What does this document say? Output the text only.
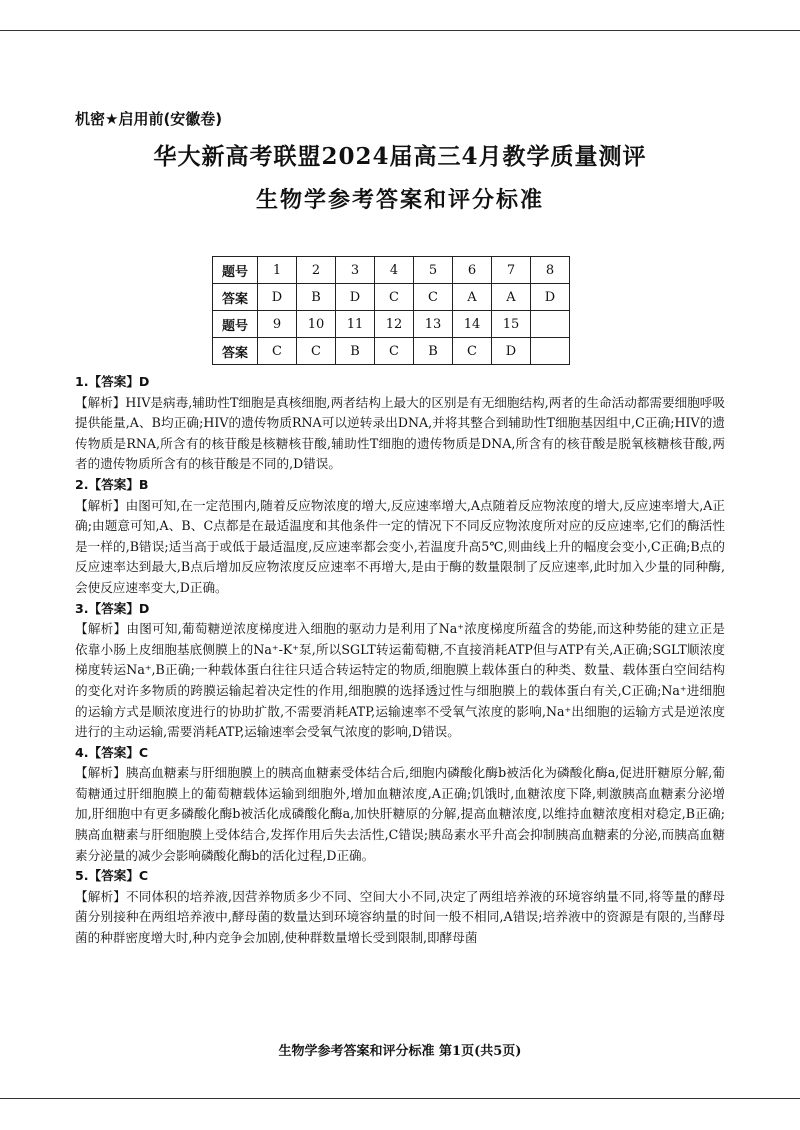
机密★启用前(安徽卷)
华大新高考联盟2024届高三4月教学质量测评
生物学参考答案和评分标准
题号	1	2	3	4	5	6	7	8
答案	D	B	D	C	C	A	A	D
题号	9	10	11	12	13	14	15	
答案	C	C	B	C	B	C	D	
1.【答案】D
【解析】HIV是病毒,辅助性T细胞是真核细胞,两者结构上最大的区别是有无细胞结构,两者的生命活动都需要细胞呼吸提供能量,A、B均正确;HIV的遗传物质RNA可以逆转录出DNA,并将其整合到辅助性T细胞基因组中,C正确;HIV的遗传物质是RNA,所含有的核苷酸是核糖核苷酸,辅助性T细胞的遗传物质是DNA,所含有的核苷酸是脱氧核糖核苷酸,两者的遗传物质所含有的核苷酸是不同的,D错误。
2.【答案】B
【解析】由图可知,在一定范围内,随着反应物浓度的增大,反应速率增大,A点随着反应物浓度的增大,反应速率增大,A正确;由题意可知,A、B、C点都是在最适温度和其他条件一定的情况下不同反应物浓度所对应的反应速率,它们的酶活性是一样的,B错误;适当高于或低于最适温度,反应速率都会变小,若温度升高5℃,则曲线上升的幅度会变小,C正确;B点的反应速率达到最大,B点后增加反应物浓度反应速率不再增大,是由于酶的数量限制了反应速率,此时加入少量的同种酶,会使反应速率变大,D正确。
3.【答案】D
【解析】由图可知,葡萄糖逆浓度梯度进入细胞的驱动力是利用了Na⁺浓度梯度所蕴含的势能,而这种势能的建立正是依靠小肠上皮细胞基底侧膜上的Na⁺-K⁺泵,所以SGLT转运葡萄糖,不直接消耗ATP但与ATP有关,A正确;SGLT顺浓度梯度转运Na⁺,B正确;一种载体蛋白往往只适合转运特定的物质,细胞膜上载体蛋白的种类、数量、载体蛋白空间结构的变化对许多物质的跨膜运输起着决定性的作用,细胞膜的选择透过性与细胞膜上的载体蛋白有关,C正确;Na⁺进细胞的运输方式是顺浓度进行的协助扩散,不需要消耗ATP,运输速率不受氧气浓度的影响,Na⁺出细胞的运输方式是逆浓度进行的主动运输,需要消耗ATP,运输速率会受氧气浓度的影响,D错误。
4.【答案】C
【解析】胰高血糖素与肝细胞膜上的胰高血糖素受体结合后,细胞内磷酸化酶b被活化为磷酸化酶a,促进肝糖原分解,葡萄糖通过肝细胞膜上的葡萄糖载体运输到细胞外,增加血糖浓度,A正确;饥饿时,血糖浓度下降,刺激胰高血糖素分泌增加,肝细胞中有更多磷酸化酶b被活化成磷酸化酶a,加快肝糖原的分解,提高血糖浓度,以维持血糖浓度相对稳定,B正确;胰高血糖素与肝细胞膜上受体结合,发挥作用后失去活性,C错误;胰岛素水平升高会抑制胰高血糖素的分泌,而胰高血糖素分泌量的减少会影响磷酸化酶b的活化过程,D正确。
5.【答案】C
【解析】不同体积的培养液,因营养物质多少不同、空间大小不同,决定了两组培养液的环境容纳量不同,将等量的酵母菌分别接种在两组培养液中,酵母菌的数量达到环境容纳量的时间一般不相同,A错误;培养液中的资源是有限的,当酵母菌的种群密度增大时,种内竞争会加剧,使种群数量增长受到限制,即酵母菌
生物学参考答案和评分标准 第1页(共5页)
